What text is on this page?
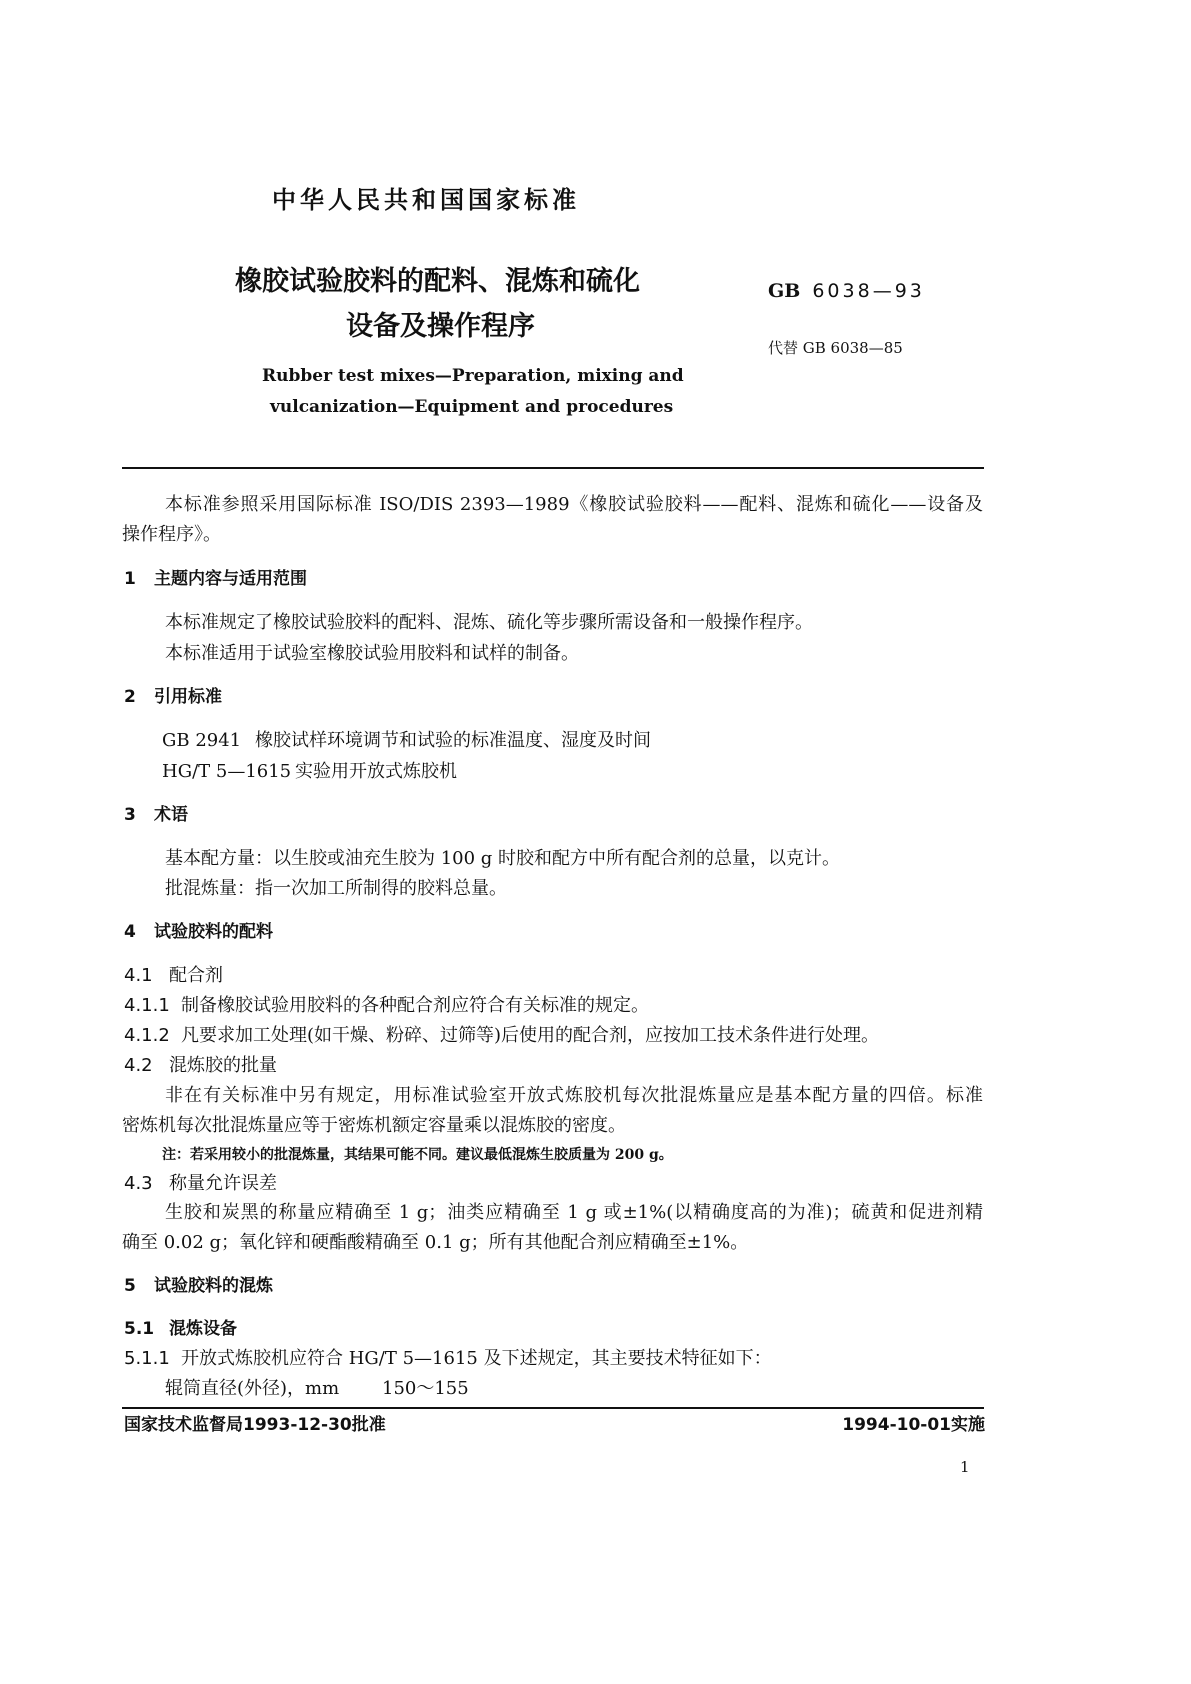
中华人民共和国国家标准
橡胶试验胶料的配料、混炼和硫化
设备及操作程序
Rubber test mixes—Preparation, mixing and
vulcanization—Equipment and procedures
GB 6038—93
代替 GB 6038—85
本标准参照采用国际标准 ISO/DIS 2393—1989《橡胶试验胶料——配料、混炼和硫化——设备及
操作程序》。
1 主题内容与适用范围
本标准规定了橡胶试验胶料的配料、混炼、硫化等步骤所需设备和一般操作程序。
本标准适用于试验室橡胶试验用胶料和试样的制备。
2 引用标准
GB 2941 橡胶试样环境调节和试验的标准温度、湿度及时间
HG/T 5—1615 实验用开放式炼胶机
3 术语
基本配方量：以生胶或油充生胶为 100 g 时胶和配方中所有配合剂的总量，以克计。
批混炼量：指一次加工所制得的胶料总量。
4 试验胶料的配料
4.1 配合剂
4.1.1 制备橡胶试验用胶料的各种配合剂应符合有关标准的规定。
4.1.2 凡要求加工处理(如干燥、粉碎、过筛等)后使用的配合剂，应按加工技术条件进行处理。
4.2 混炼胶的批量
非在有关标准中另有规定，用标准试验室开放式炼胶机每次批混炼量应是基本配方量的四倍。标准
密炼机每次批混炼量应等于密炼机额定容量乘以混炼胶的密度。
注：若采用较小的批混炼量，其结果可能不同。建议最低混炼生胶质量为 200 g。
4.3 称量允许误差
生胶和炭黑的称量应精确至 1 g；油类应精确至 1 g 或±1%(以精确度高的为准)；硫黄和促进剂精
确至 0.02 g；氧化锌和硬酯酸精确至 0.1 g；所有其他配合剂应精确至±1%。
5 试验胶料的混炼
5.1 混炼设备
5.1.1 开放式炼胶机应符合 HG/T 5—1615 及下述规定，其主要技术特征如下：
辊筒直径(外径)，mm 150～155
国家技术监督局1993-12-30批准	1994-10-01实施
1
